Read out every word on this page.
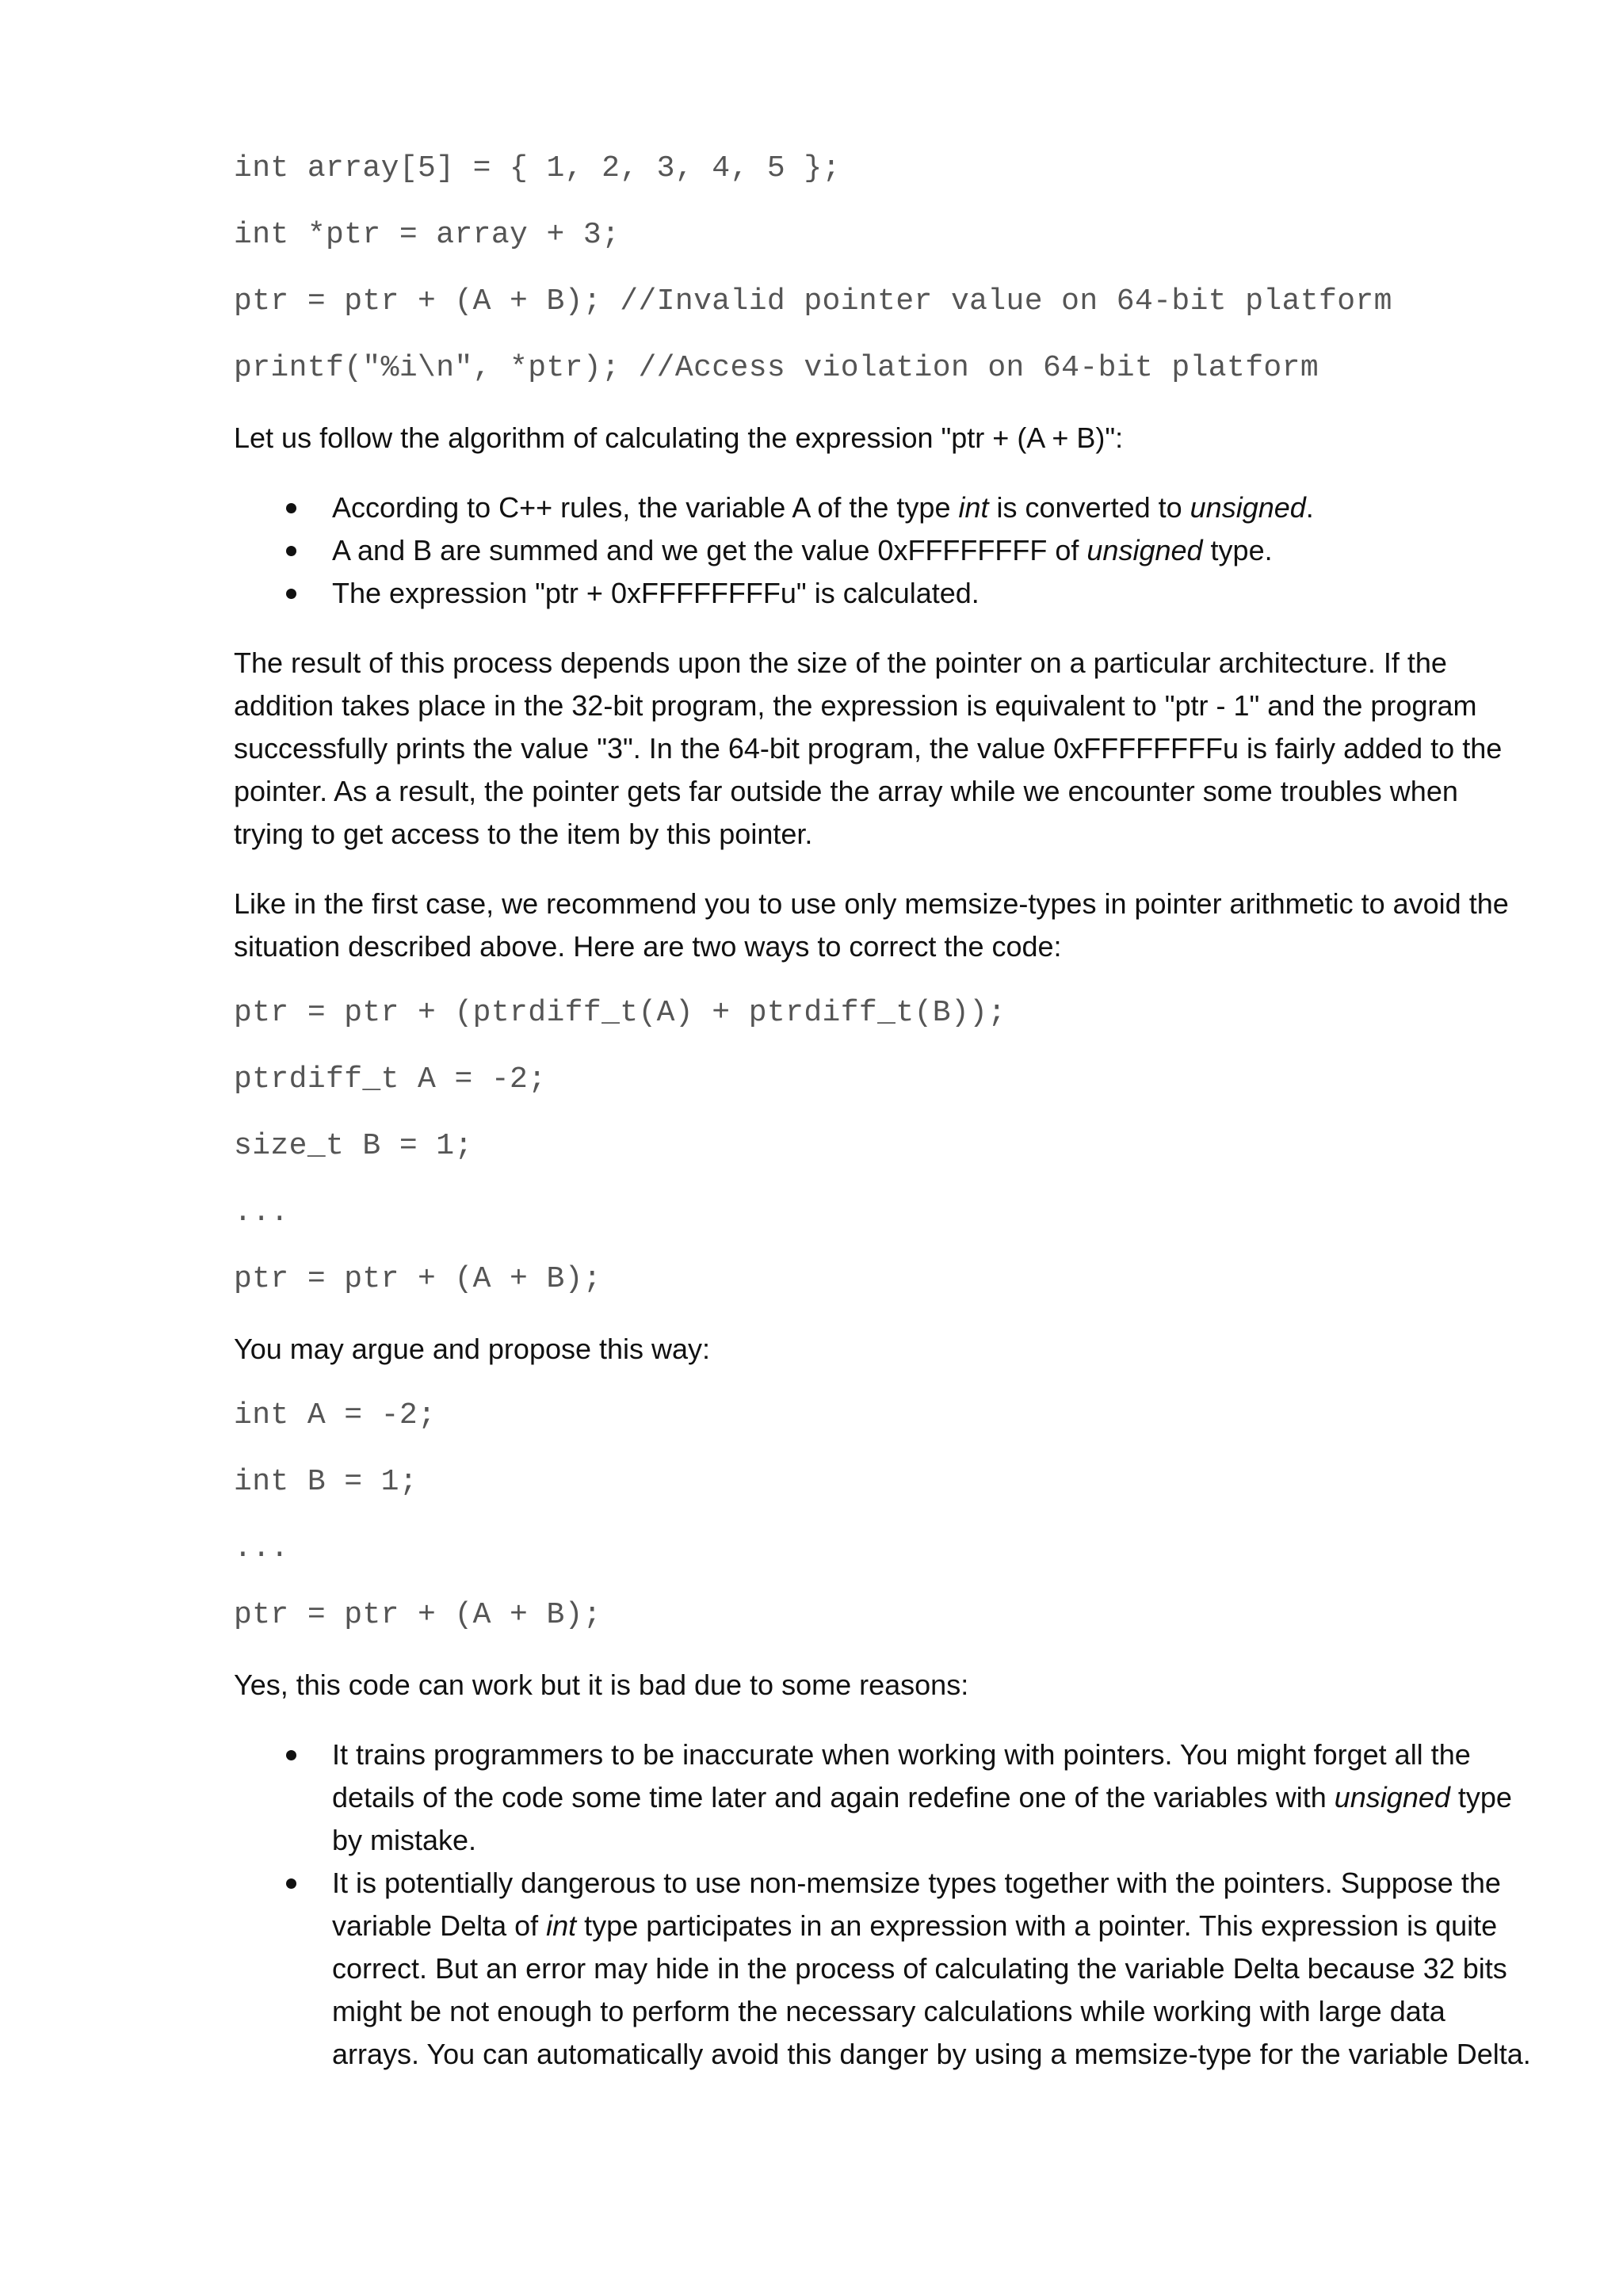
int array[5] = { 1, 2, 3, 4, 5 };
int *ptr = array + 3;
ptr = ptr + (A + B); //Invalid pointer value on 64-bit platform
printf("%i\n", *ptr); //Access violation on 64-bit platform

Let us follow the algorithm of calculating the expression "ptr + (A + B)":

According to C++ rules, the variable A of the type int is converted to unsigned.
A and B are summed and we get the value 0xFFFFFFFF of unsigned type.
The expression "ptr + 0xFFFFFFFFu" is calculated.

The result of this process depends upon the size of the pointer on a particular architecture. If the addition takes place in the 32-bit program, the expression is equivalent to "ptr - 1" and the program successfully prints the value "3". In the 64-bit program, the value 0xFFFFFFFFu is fairly added to the pointer. As a result, the pointer gets far outside the array while we encounter some troubles when trying to get access to the item by this pointer.

Like in the first case, we recommend you to use only memsize-types in pointer arithmetic to avoid the situation described above. Here are two ways to correct the code:

ptr = ptr + (ptrdiff_t(A) + ptrdiff_t(B));
ptrdiff_t A = -2;
size_t B = 1;
...
ptr = ptr + (A + B);

You may argue and propose this way:

int A = -2;
int B = 1;
...
ptr = ptr + (A + B);

Yes, this code can work but it is bad due to some reasons:

It trains programmers to be inaccurate when working with pointers. You might forget all the details of the code some time later and again redefine one of the variables with unsigned type by mistake.
It is potentially dangerous to use non-memsize types together with the pointers. Suppose the variable Delta of int type participates in an expression with a pointer. This expression is quite correct. But an error may hide in the process of calculating the variable Delta because 32 bits might be not enough to perform the necessary calculations while working with large data arrays. You can automatically avoid this danger by using a memsize-type for the variable Delta.
